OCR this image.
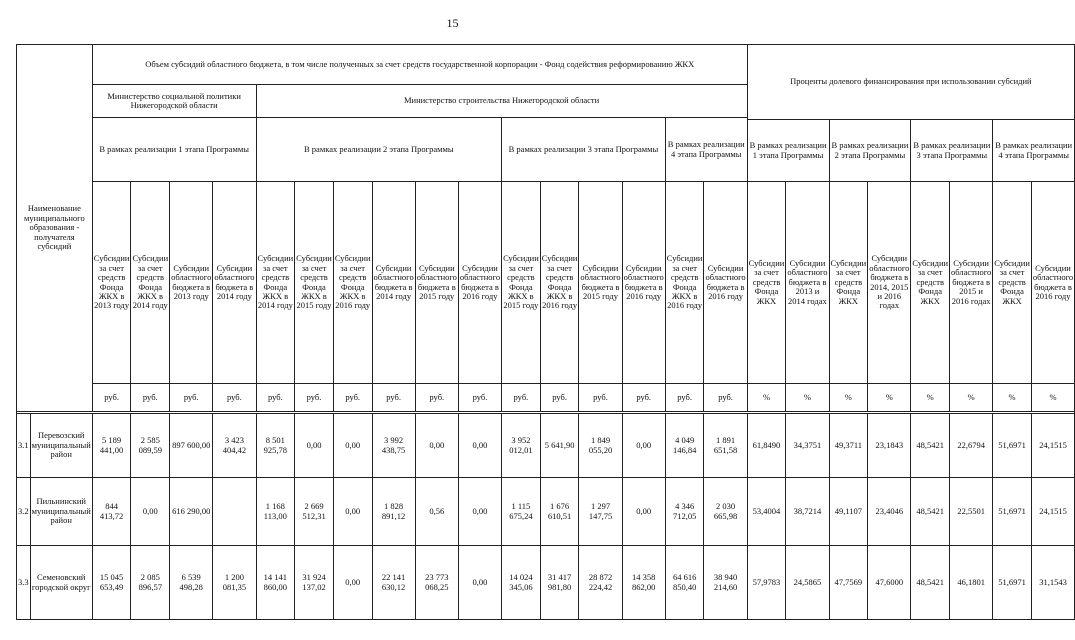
15
Наименование муниципального образования - получателя субсидий		Объем субсидий областного бюджета, в том числе полученных за счет средств государственной корпорации - Фонд содействия реформированию ЖКХ																Проценты долевого финансирования при использовании субсидий							
		Министерство социальной политики Нижегородской области				Министерство строительства Нижегородской области																			
		В рамках реализации 1 этапа Программы				В рамках реализации 2 этапа Программы						В рамках реализации 3 этапа Программы				В рамках реализации 4 этапа Программы									
																		В рамках реализации 1 этапа Программы		В рамках реализации 2 этапа Программы		В рамках реализации 3 этапа Программы		В рамках реализации 4 этапа Программы	
		Субсидии за счет средств Фонда ЖКХ в 2013 году	Субсидии за счет средств Фонда ЖКХ в 2014 году	Субсидии областного бюджета в 2013 году	Субсидии областного бюджета в 2014 году	Субсидии за счет средств Фонда ЖКХ в 2014 году	Субсидии за счет средств Фонда ЖКХ в 2015 году	Субсидии за счет средств Фонда ЖКХ в 2016 году	Субсидии областного бюджета в 2014 году	Субсидии областного бюджета в 2015 году	Субсидии областного бюджета в 2016 году	Субсидии за счет средств Фонда ЖКХ в 2015 году	Субсидии за счет средств Фонда ЖКХ в 2016 году	Субсидии областного бюджета в 2015 году	Субсидии областного бюджета в 2016 году	Субсидии за счет средств Фонда ЖКХ в 2016 году	Субсидии областного бюджета в 2016 году	Субсидии за счет средств Фонда ЖКХ	Субсидии областного бюджета в 2013 и 2014 годах	Субсидии за счет средств Фонда ЖКХ	Субсидии областного бюджета в 2014, 2015 и 2016 годах	Субсидии за счет средств Фонда ЖКХ	Субсидии областного бюджета в 2015 и 2016 годах	Субсидии за счет средств Фонда ЖКХ	Субсидии областного бюджета в 2016 году
		руб.	руб.	руб.	руб.	руб.	руб.	руб.	руб.	руб.	руб.	руб.	руб.	руб.	руб.	руб.	руб.	%	%	%	%	%	%	%	%

3.1	Перевозский муниципальный район	5 189 441,00	2 585 089,59	897 600,00	3 423 404,42	8 501 925,78	0,00	0,00	3 992 438,75	0,00	0,00	3 952 012,01	5 641,90	1 849 055,20	0,00	4 049 146,84	1 891 651,58	61,8490	34,3751	49,3711	23,1843	48,5421	22,6794	51,6971	24,1515
3.2	Пильнинский муниципальный район	844 413,72	0,00	616 290,00		1 168 113,00	2 669 512,31	0,00	1 828 891,12	0,56	0,00	1 115 675,24	1 676 610,51	1 297 147,75	0,00	4 346 712,05	2 030 665,98	53,4004	38,7214	49,1107	23,4046	48,5421	22,5501	51,6971	24,1515
3.3	Семеновский городской округ	15 045 653,49	2 085 896,57	6 539 498,28	1 200 081,35	14 141 860,00	31 924 137,02	0,00	22 141 630,12	23 773 068,25	0,00	14 024 345,06	31 417 981,80	28 872 224,42	14 358 862,00	64 616 850,40	38 940 214,60	57,9783	24,5865	47,7569	47,6000	48,5421	46,1801	51,6971	31,1543
